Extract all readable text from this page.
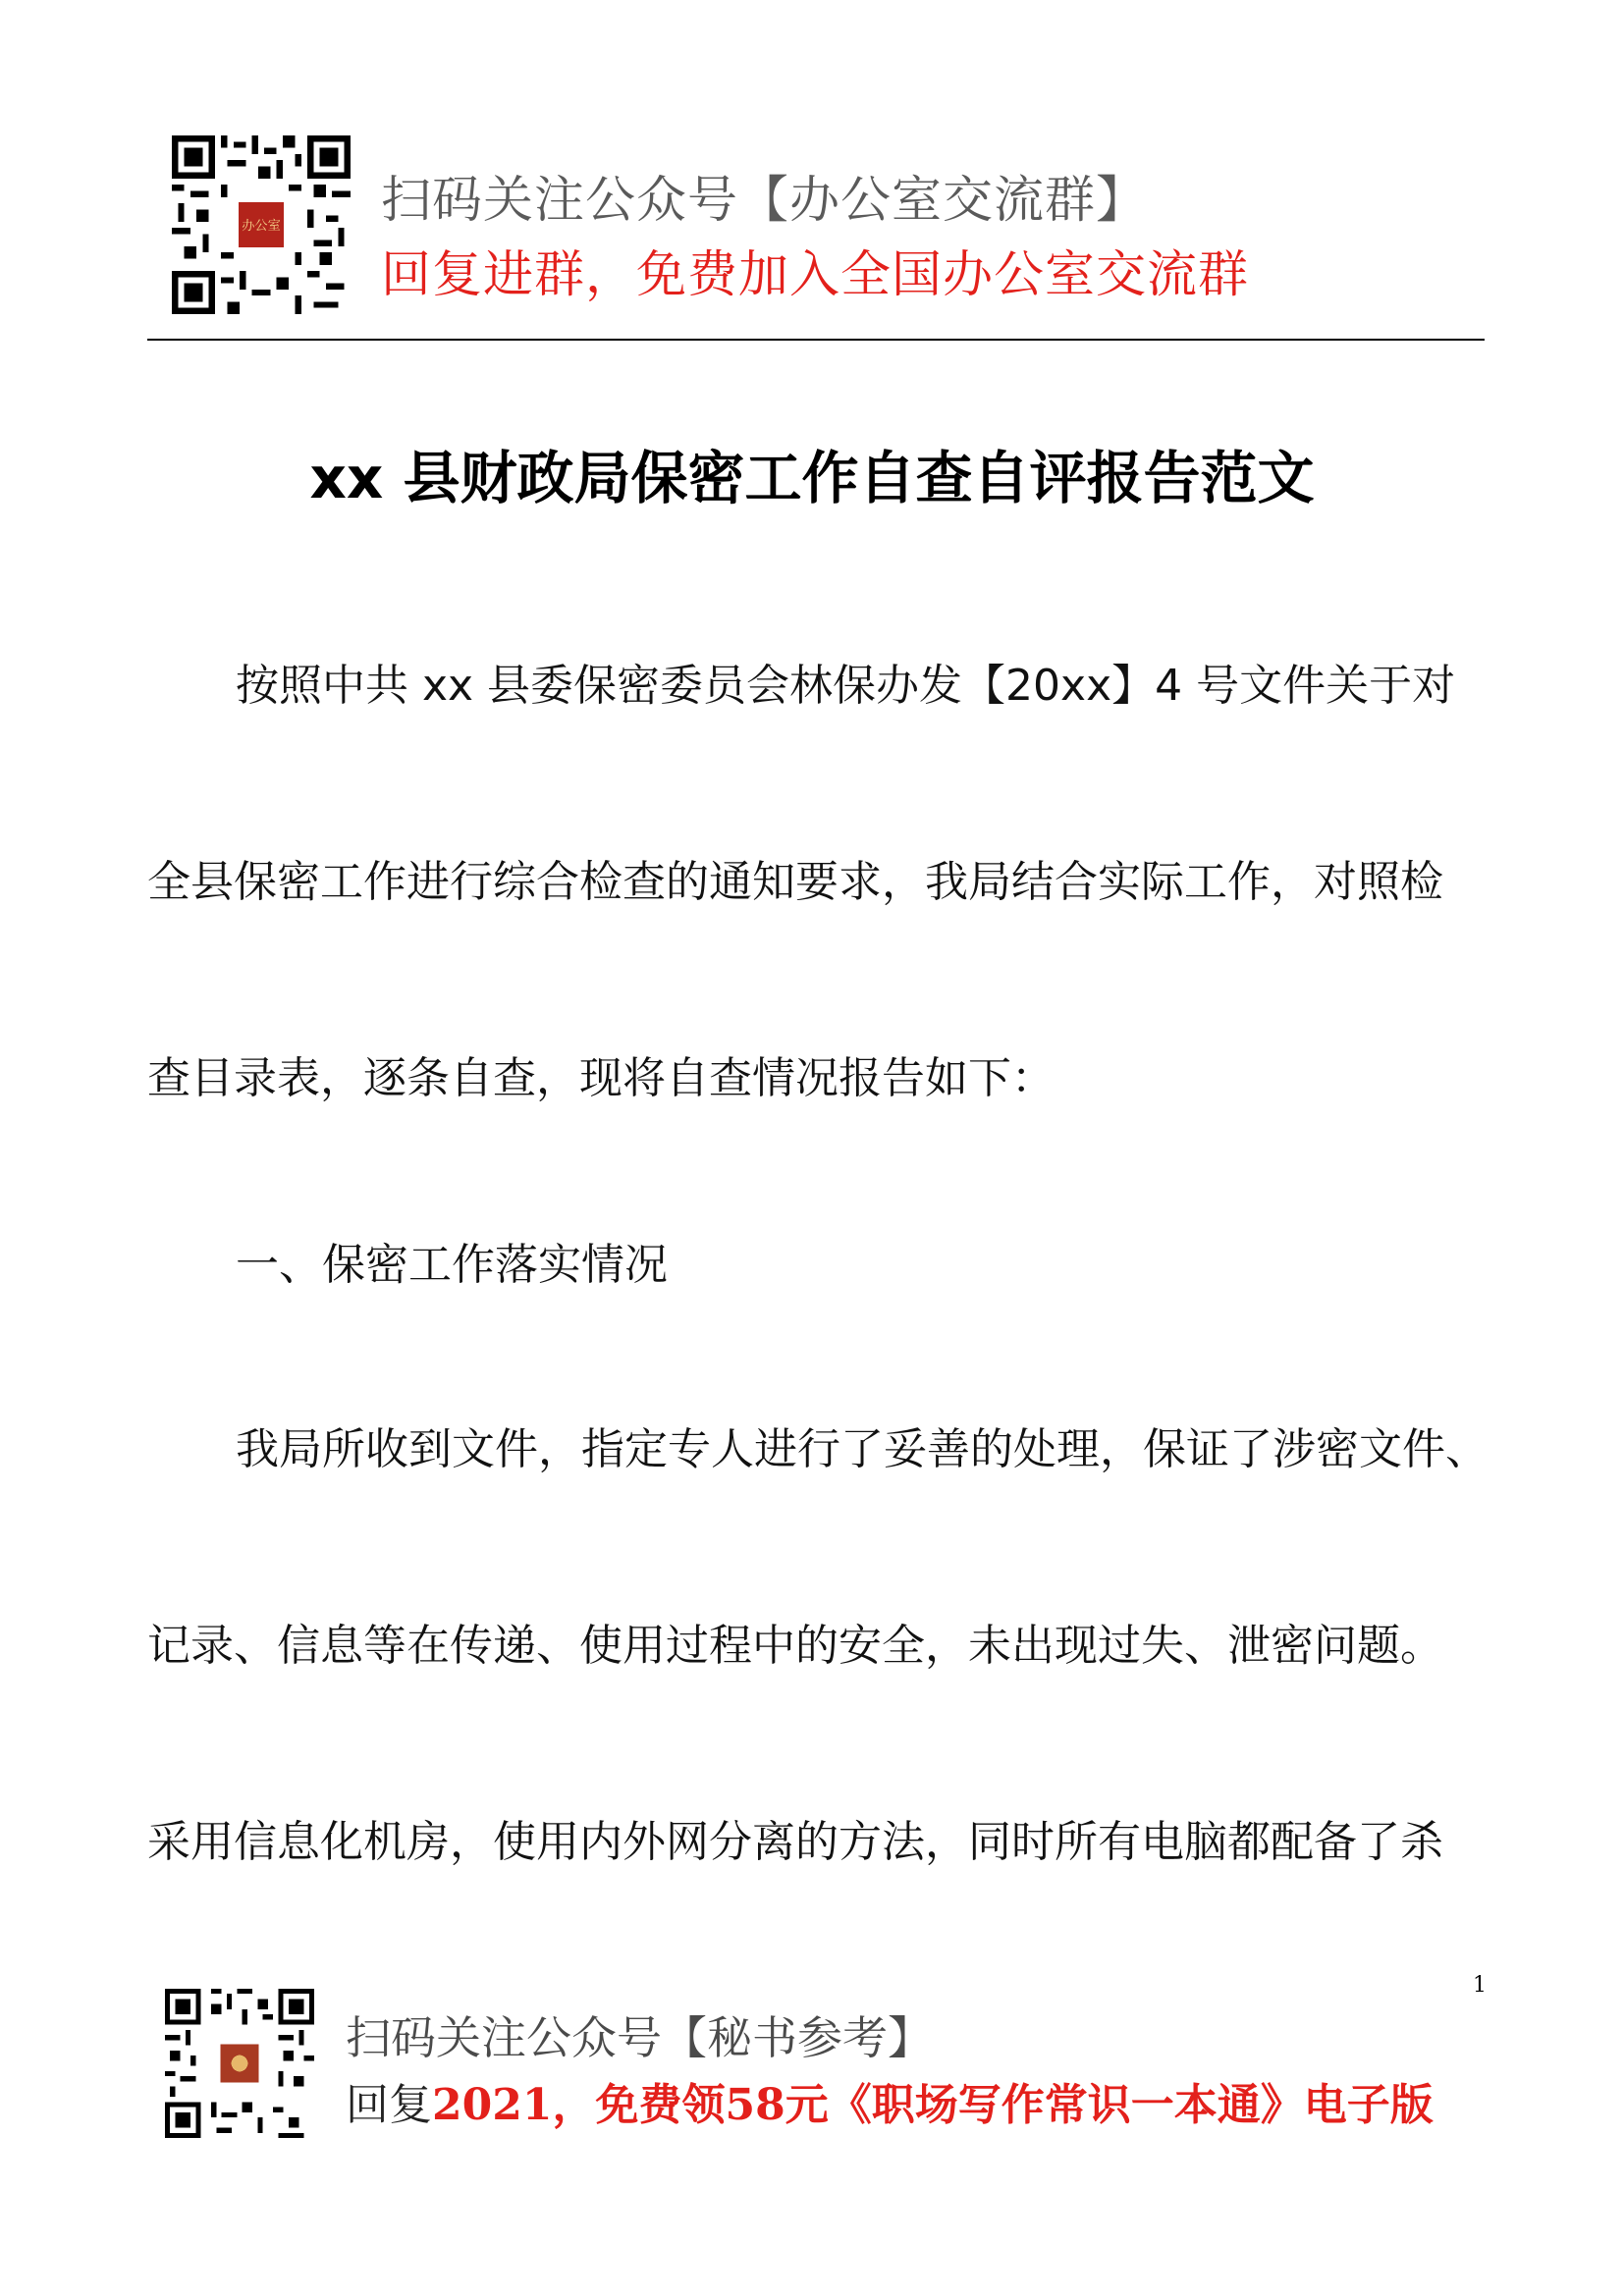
办公室 扫码关注公众号【办公室交流群】
回复进群，免费加入全国办公室交流群
xx 县财政局保密工作自查自评报告范文
按照中共 xx 县委保密委员会林保办发【20xx】4 号文件关于对
全县保密工作进行综合检查的通知要求，我局结合实际工作，对照检
查目录表，逐条自查，现将自查情况报告如下：
一、保密工作落实情况
我局所收到文件，指定专人进行了妥善的处理，保证了涉密文件、
记录、信息等在传递、使用过程中的安全，未出现过失、泄密问题。
采用信息化机房，使用内外网分离的方法，同时所有电脑都配备了杀
1
扫码关注公众号【秘书参考】
回复2021，免费领58元《职场写作常识一本通》电子版
